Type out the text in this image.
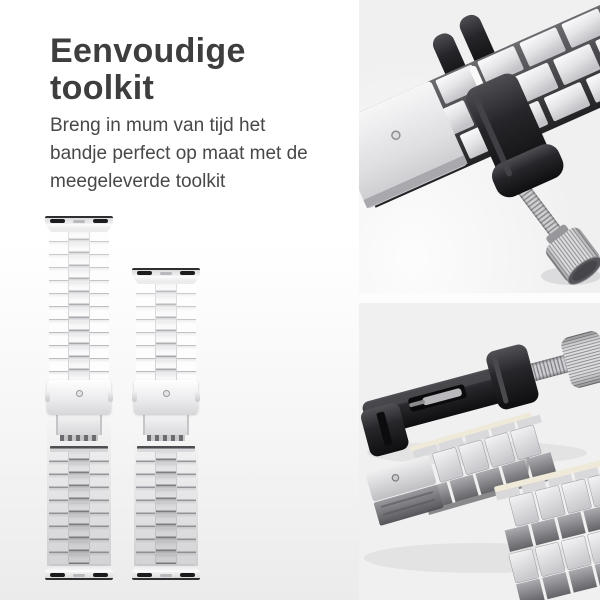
Eenvoudige toolkit

Breng in mum van tijd het bandje perfect op maat met de meegeleverde toolkit
